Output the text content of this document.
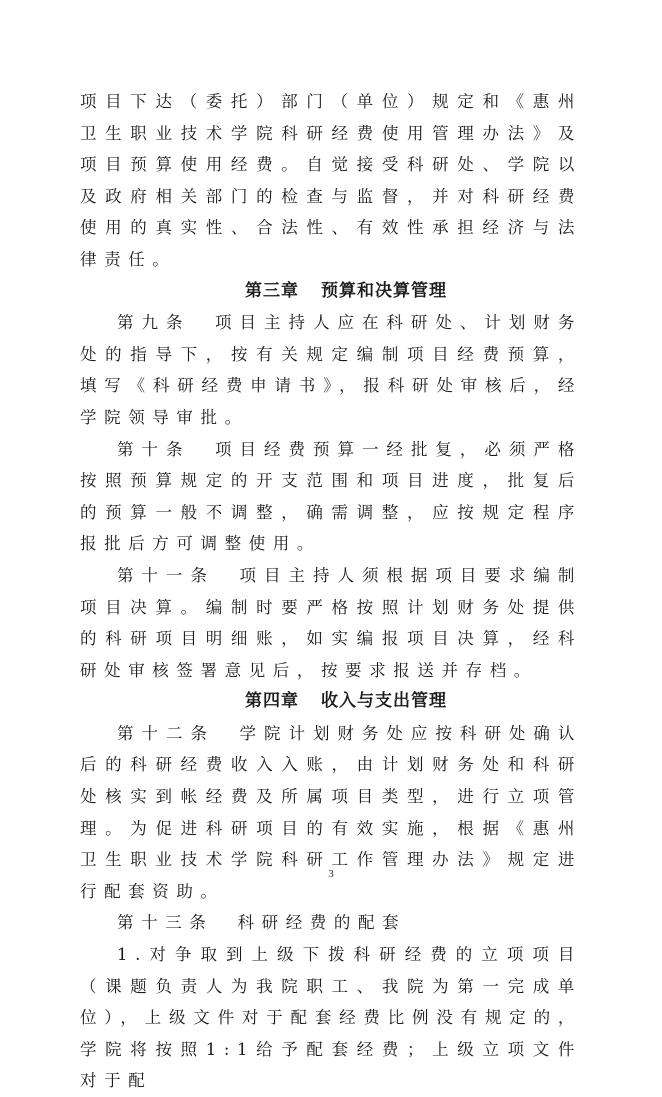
项目下达（委托）部门（单位）规定和《惠州卫生职业技术学院科研经费使用管理办法》及项目预算使用经费。自觉接受科研处、学院以及政府相关部门的检查与监督，并对科研经费使用的真实性、合法性、有效性承担经济与法律责任。

第三章 预算和决算管理

第九条　项目主持人应在科研处、计划财务处的指导下，按有关规定编制项目经费预算，填写《科研经费申请书》，报科研处审核后，经学院领导审批。

第十条　项目经费预算一经批复，必须严格按照预算规定的开支范围和项目进度，批复后的预算一般不调整，确需调整，应按规定程序报批后方可调整使用。

第十一条　项目主持人须根据项目要求编制项目决算。编制时要严格按照计划财务处提供的科研项目明细账，如实编报项目决算，经科研处审核签署意见后，按要求报送并存档。

第四章 收入与支出管理

第十二条　学院计划财务处应按科研处确认后的科研经费收入入账，由计划财务处和科研处核实到帐经费及所属项目类型，进行立项管理。为促进科研项目的有效实施，根据《惠州卫生职业技术学院科研工作管理办法》规定进行配套资助。

第十三条　科研经费的配套

1.对争取到上级下拨科研经费的立项项目（课题负责人为我院职工、我院为第一完成单位），上级文件对于配套经费比例没有规定的，学院将按照1:1给予配套经费；上级立项文件对于配

3
